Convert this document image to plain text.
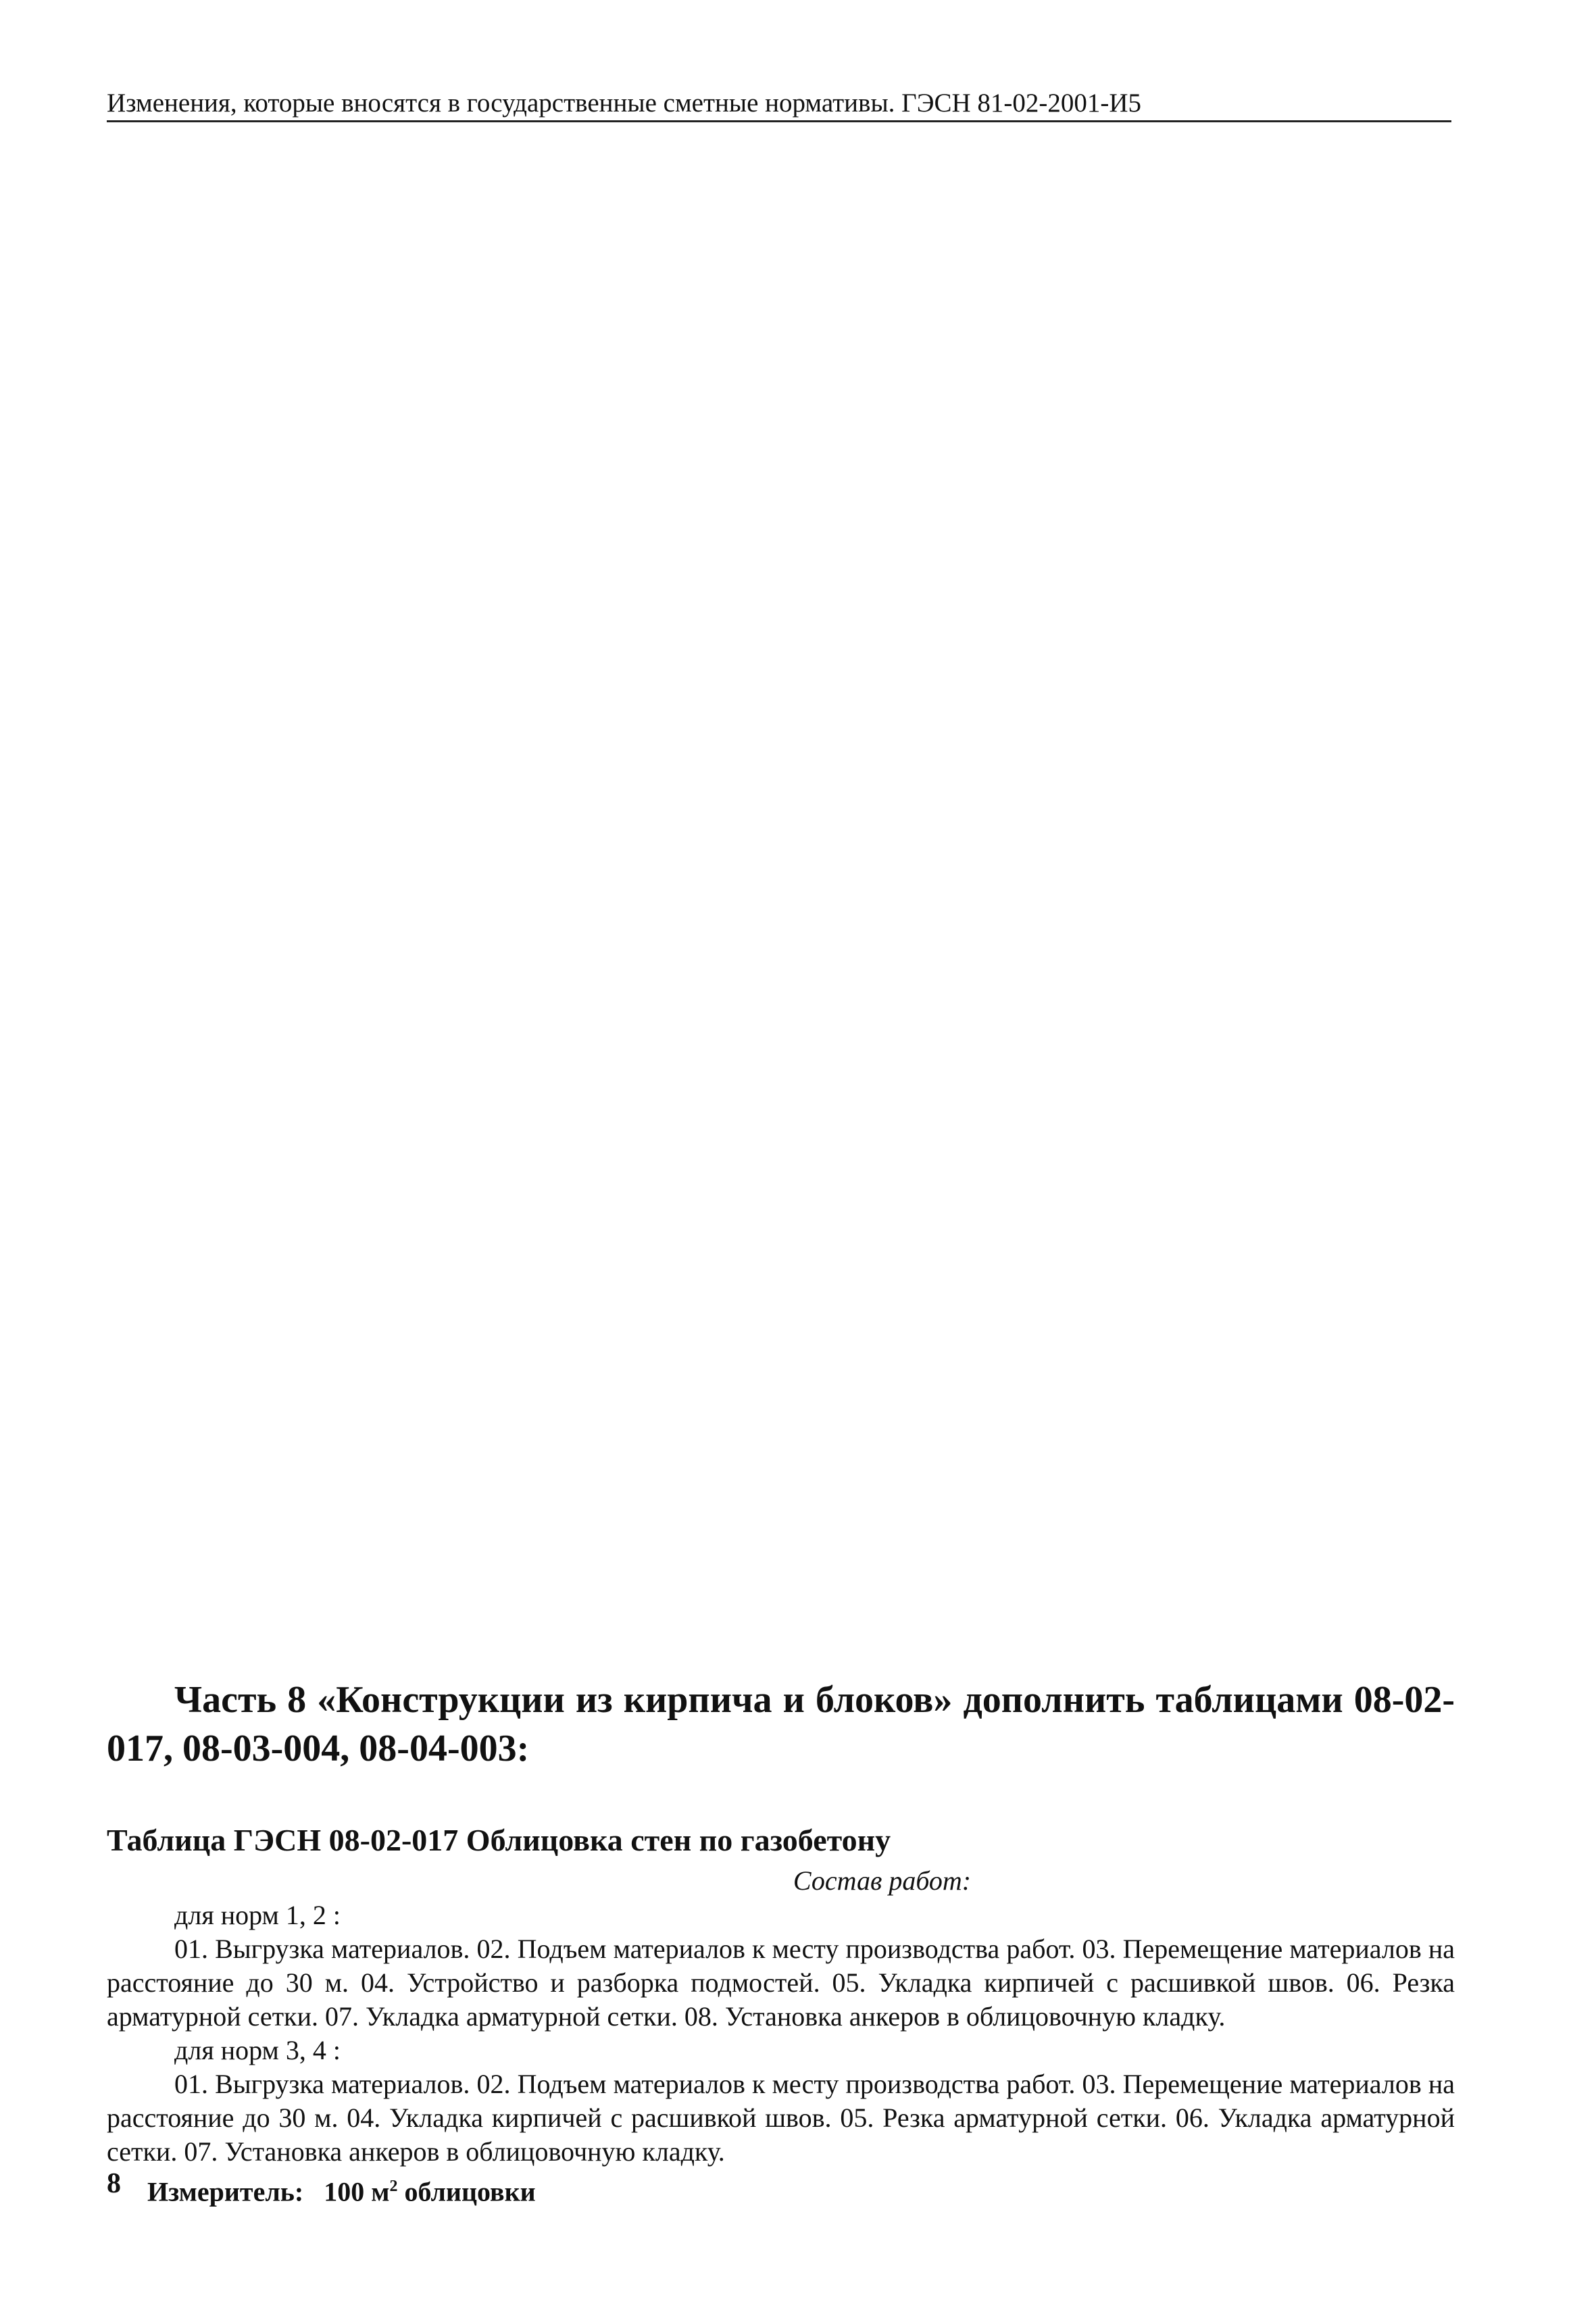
Изменения, которые вносятся в государственные сметные нормативы. ГЭСН 81-02-2001-И5

Часть 8 «Конструкции из кирпича и блоков» дополнить таблицами 08-02-017, 08-03-004, 08-04-003:

Таблица ГЭСН 08-02-017 Облицовка стен по газобетону
Состав работ:
для норм 1, 2 :

01. Выгрузка материалов. 02. Подъем материалов к месту производства работ. 03. Перемещение материалов на расстояние до 30 м. 04. Устройство и разборка подмостей. 05. Укладка кирпичей с расшивкой швов. 06. Резка арматурной сетки. 07. Укладка арматурной сетки. 08. Установка анкеров в облицовочную кладку.

для норм 3, 4 :

01. Выгрузка материалов. 02. Подъем материалов к месту производства работ. 03. Перемещение материалов на расстояние до 30 м. 04. Укладка кирпичей с расшивкой швов. 05. Резка арматурной сетки. 06. Укладка арматурной сетки. 07. Установка анкеров в облицовочную кладку.

Измеритель: 100 $м^2$ облицовки
8
